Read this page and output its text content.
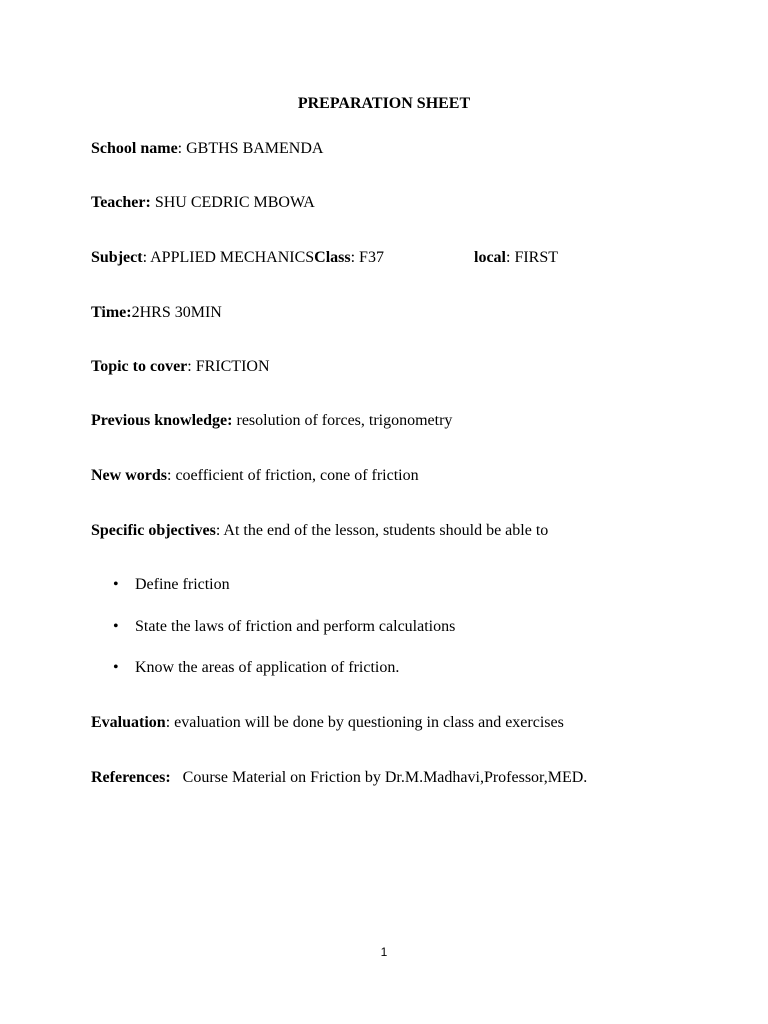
PREPARATION SHEET
School name: GBTHS BAMENDA
Teacher: SHU CEDRIC MBOWA
Subject: APPLIED MECHANICSClass: F37	local: FIRST
Time:2HRS 30MIN
Topic to cover: FRICTION
Previous knowledge: resolution of forces, trigonometry
New words: coefficient of friction, cone of friction
Specific objectives: At the end of the lesson, students should be able to
• Define friction
• State the laws of friction and perform calculations
• Know the areas of application of friction.
Evaluation: evaluation will be done by questioning in class and exercises
References: Course Material on Friction by Dr.M.Madhavi,Professor,MED.
1
